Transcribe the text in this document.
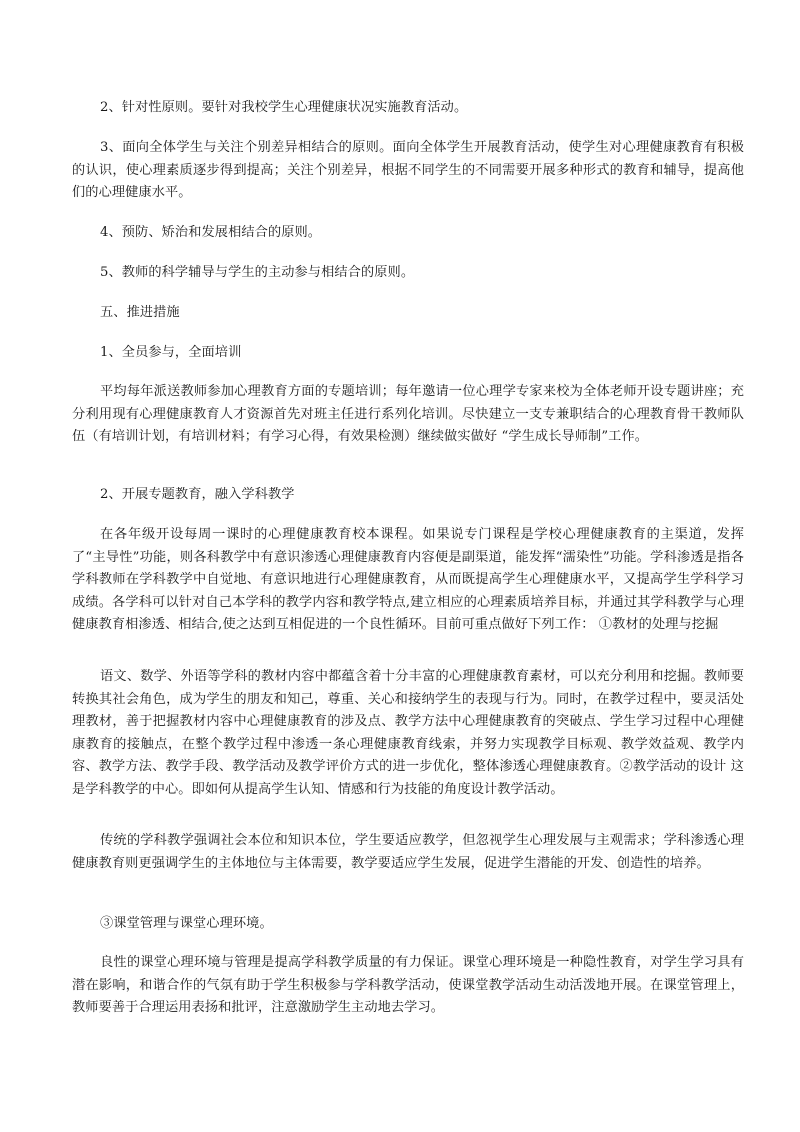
2、针对性原则。要针对我校学生心理健康状况实施教育活动。

3、面向全体学生与关注个别差异相结合的原则。面向全体学生开展教育活动，使学生对心理健康教育有积极的认识，使心理素质逐步得到提高；关注个别差异，根据不同学生的不同需要开展多种形式的教育和辅导，提高他们的心理健康水平。

4、预防、矫治和发展相结合的原则。

5、教师的科学辅导与学生的主动参与相结合的原则。

五、推进措施

1、全员参与，全面培训

平均每年派送教师参加心理教育方面的专题培训；每年邀请一位心理学专家来校为全体老师开设专题讲座；充分利用现有心理健康教育人才资源首先对班主任进行系列化培训。尽快建立一支专兼职结合的心理教育骨干教师队伍（有培训计划，有培训材料；有学习心得，有效果检测）继续做实做好 “学生成长导师制”工作。

2、开展专题教育，融入学科教学

在各年级开设每周一课时的心理健康教育校本课程。如果说专门课程是学校心理健康教育的主渠道，发挥了“主导性”功能，则各科教学中有意识渗透心理健康教育内容便是副渠道，能发挥“濡染性”功能。学科渗透是指各学科教师在学科教学中自觉地、有意识地进行心理健康教育，从而既提高学生心理健康水平，又提高学生学科学习成绩。各学科可以针对自己本学科的教学内容和教学特点,建立相应的心理素质培养目标，并通过其学科教学与心理健康教育相渗透、相结合,使之达到互相促进的一个良性循环。目前可重点做好下列工作： ①教材的处理与挖掘

语文、数学、外语等学科的教材内容中都蕴含着十分丰富的心理健康教育素材，可以充分利用和挖掘。教师要转换其社会角色，成为学生的朋友和知己，尊重、关心和接纳学生的表现与行为。同时，在教学过程中，要灵活处理教材，善于把握教材内容中心理健康教育的涉及点、教学方法中心理健康教育的突破点、学生学习过程中心理健康教育的接触点，在整个教学过程中渗透一条心理健康教育线索，并努力实现教学目标观、教学效益观、教学内容、教学方法、教学手段、教学活动及教学评价方式的进一步优化，整体渗透心理健康教育。②教学活动的设计 这是学科教学的中心。即如何从提高学生认知、情感和行为技能的角度设计教学活动。

传统的学科教学强调社会本位和知识本位，学生要适应教学，但忽视学生心理发展与主观需求；学科渗透心理健康教育则更强调学生的主体地位与主体需要，教学要适应学生发展，促进学生潜能的开发、创造性的培养。

③课堂管理与课堂心理环境。

良性的课堂心理环境与管理是提高学科教学质量的有力保证。课堂心理环境是一种隐性教育，对学生学习具有潜在影响，和谐合作的气氛有助于学生积极参与学科教学活动，使课堂教学活动生动活泼地开展。在课堂管理上，教师要善于合理运用表扬和批评，注意激励学生主动地去学习。
